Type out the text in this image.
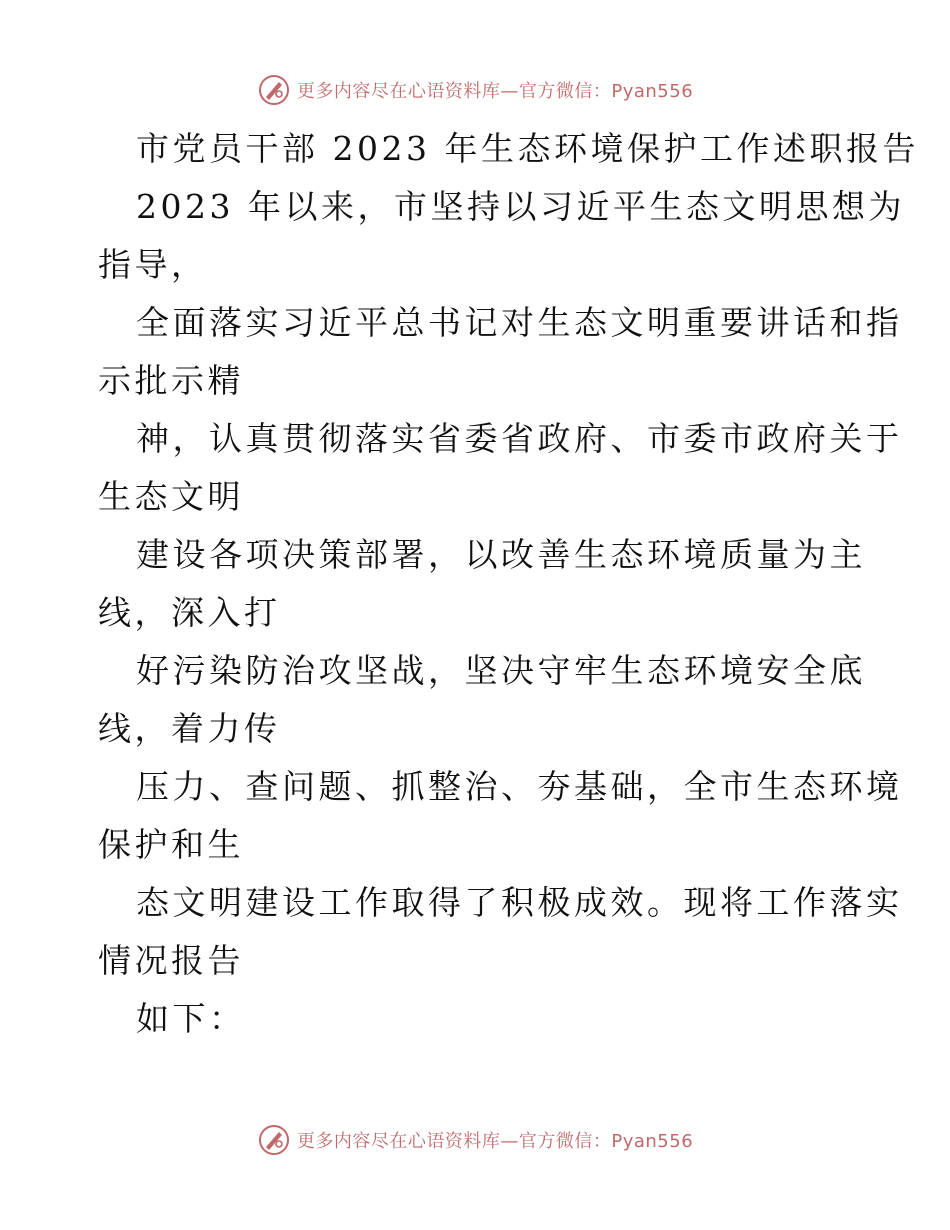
更多内容尽在心语资料库—官方微信：Pyan556
市党员干部 2023 年生态环境保护工作述职报告
2023 年以来，市坚持以习近平生态文明思想为
指导，
全面落实习近平总书记对生态文明重要讲话和指
示批示精
神，认真贯彻落实省委省政府、市委市政府关于
生态文明
建设各项决策部署，以改善生态环境质量为主
线，深入打
好污染防治攻坚战，坚决守牢生态环境安全底
线，着力传
压力、查问题、抓整治、夯基础，全市生态环境
保护和生
态文明建设工作取得了积极成效。现将工作落实
情况报告
如下：
更多内容尽在心语资料库—官方微信：Pyan556
